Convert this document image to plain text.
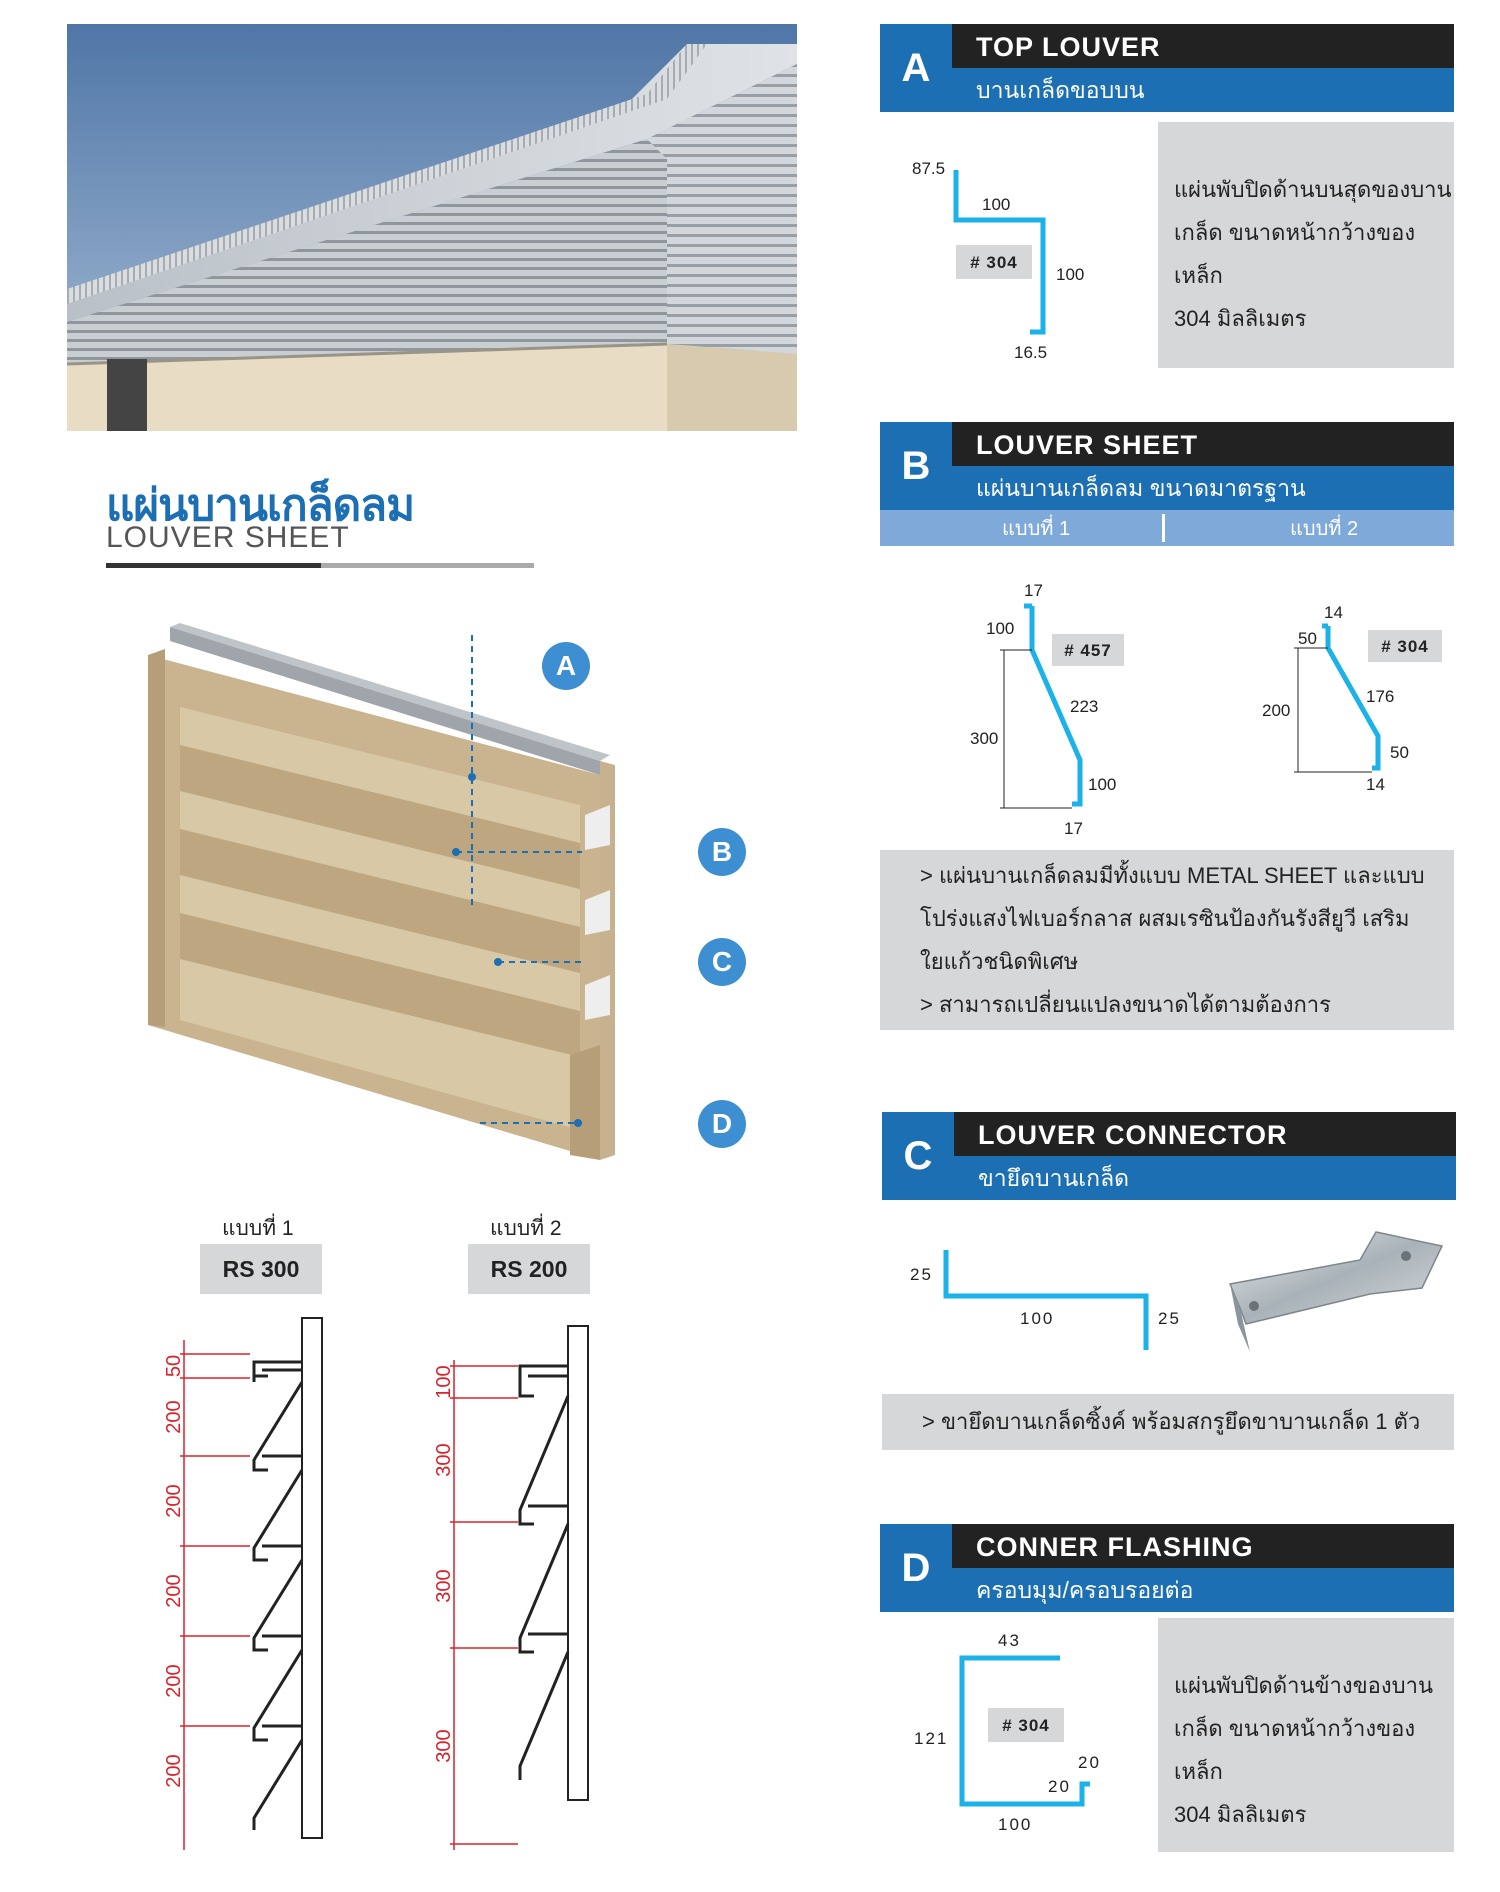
แผ่นบานเกล็ดลม
LOUVER SHEET
A
B
C
D
แบบที่ 1
RS 300
แบบที่ 2
RS 200
50
200
200
200
200
200
100
300
300
300
A	TOP LOUVER
บานเกล็ดขอบบน
87.5
100
100
16.5
# 304
แผ่นพับปิดด้านบนสุดของบาน
เกล็ด ขนาดหน้ากว้างของเหล็ก
304 มิลลิเมตร
B	LOUVER SHEET
แผ่นบานเกล็ดลม ขนาดมาตรฐาน
แบบที่ 1	แบบที่ 2
17
100
300
223
100
17
# 457
14
50
200
176
50
14
# 304
> แผ่นบานเกล็ดลมมีทั้งแบบ METAL SHEET และแบบ
โปร่งแสงไฟเบอร์กลาส ผสมเรซินป้องกันรังสียูวี เสริม
ใยแก้วชนิดพิเศษ
> สามารถเปลี่ยนแปลงขนาดได้ตามต้องการ
C	LOUVER CONNECTOR
ขายึดบานเกล็ด
25
100	25
> ขายึดบานเกล็ดซิ้งค์ พร้อมสกรูยึดขาบานเกล็ด 1 ตัว
D	CONNER FLASHING
ครอบมุม/ครอบรอยต่อ
43
121
20
20
100
# 304
แผ่นพับปิดด้านข้างของบาน
เกล็ด ขนาดหน้ากว้างของเหล็ก
304 มิลลิเมตร
